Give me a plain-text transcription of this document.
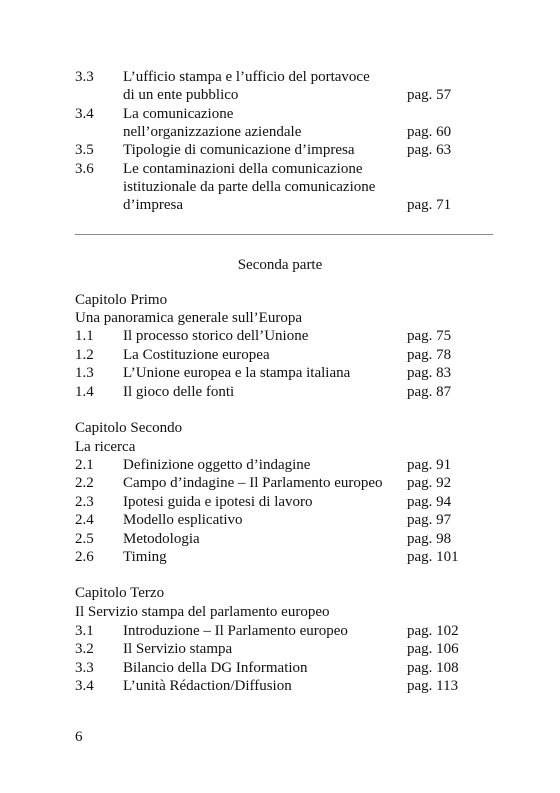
3.3 L’ufficio stampa e l’ufficio del portavoce
di un ente pubblico	pag. 57
3.4 La comunicazione
nell’organizzazione aziendale	pag. 60
3.5 Tipologie di comunicazione d’impresa	pag. 63
3.6 Le contaminazioni della comunicazione
istituzionale da parte della comunicazione
d’impresa	pag. 71
Seconda parte
Capitolo Primo
Una panoramica generale sull’Europa
1.1 Il processo storico dell’Unione	pag. 75
1.2 La Costituzione europea	pag. 78
1.3 L’Unione europea e la stampa italiana	pag. 83
1.4 Il gioco delle fonti	pag. 87
Capitolo Secondo
La ricerca
2.1 Definizione oggetto d’indagine	pag. 91
2.2 Campo d’indagine – Il Parlamento europeo pag. 92
2.3 Ipotesi guida e ipotesi di lavoro	pag. 94
2.4 Modello esplicativo	pag. 97
2.5 Metodologia	pag. 98
2.6 Timing	pag. 101
Capitolo Terzo
Il Servizio stampa del parlamento europeo
3.1 Introduzione – Il Parlamento europeo	pag. 102
3.2 Il Servizio stampa	pag. 106
3.3 Bilancio della DG Information	pag. 108
3.4 L’unità Rédaction/Diffusion	pag. 113
6
